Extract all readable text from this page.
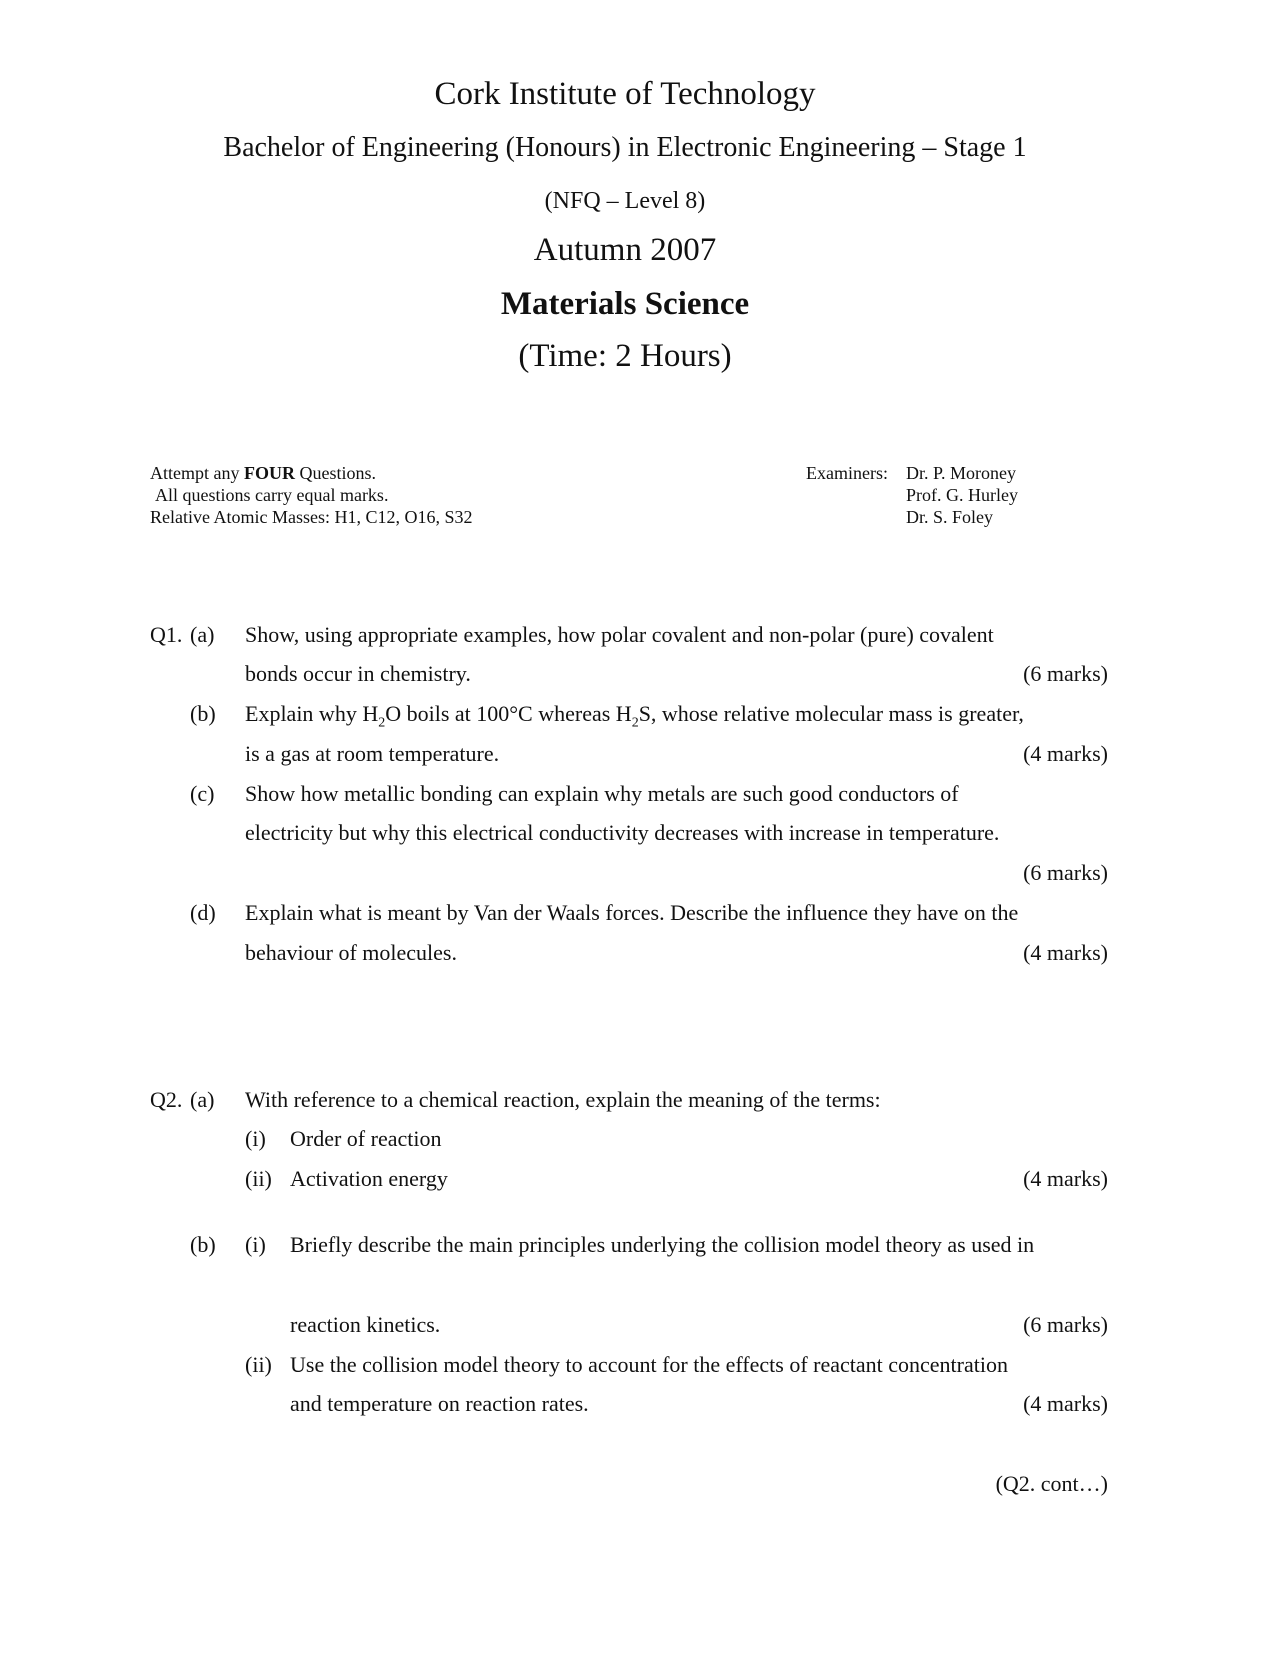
Cork Institute of Technology
Bachelor of Engineering (Honours) in Electronic Engineering – Stage 1
(NFQ – Level 8)
Autumn 2007
Materials Science
(Time: 2 Hours)
Attempt any FOUR Questions.
All questions carry equal marks.
Relative Atomic Masses: H1, C12, O16, S32
Examiners: Dr. P. Moroney
Prof. G. Hurley
Dr. S. Foley
Q1. (a) Show, using appropriate examples, how polar covalent and non-polar (pure) covalent
bonds occur in chemistry.	(6 marks)
(b) Explain why $H_2O$ boils at 100°C whereas $H_2S$, whose relative molecular mass is greater,
is a gas at room temperature.	(4 marks)
(c) Show how metallic bonding can explain why metals are such good conductors of
electricity but why this electrical conductivity decreases with increase in temperature.
(6 marks)
(d) Explain what is meant by Van der Waals forces. Describe the influence they have on the
behaviour of molecules.	(4 marks)
Q2. (a) With reference to a chemical reaction, explain the meaning of the terms:
(i) Order of reaction
(ii) Activation energy	(4 marks)
(b) (i) Briefly describe the main principles underlying the collision model theory as used in
reaction kinetics.	(6 marks)
(ii) Use the collision model theory to account for the effects of reactant concentration
and temperature on reaction rates.	(4 marks)
(Q2. cont…)
